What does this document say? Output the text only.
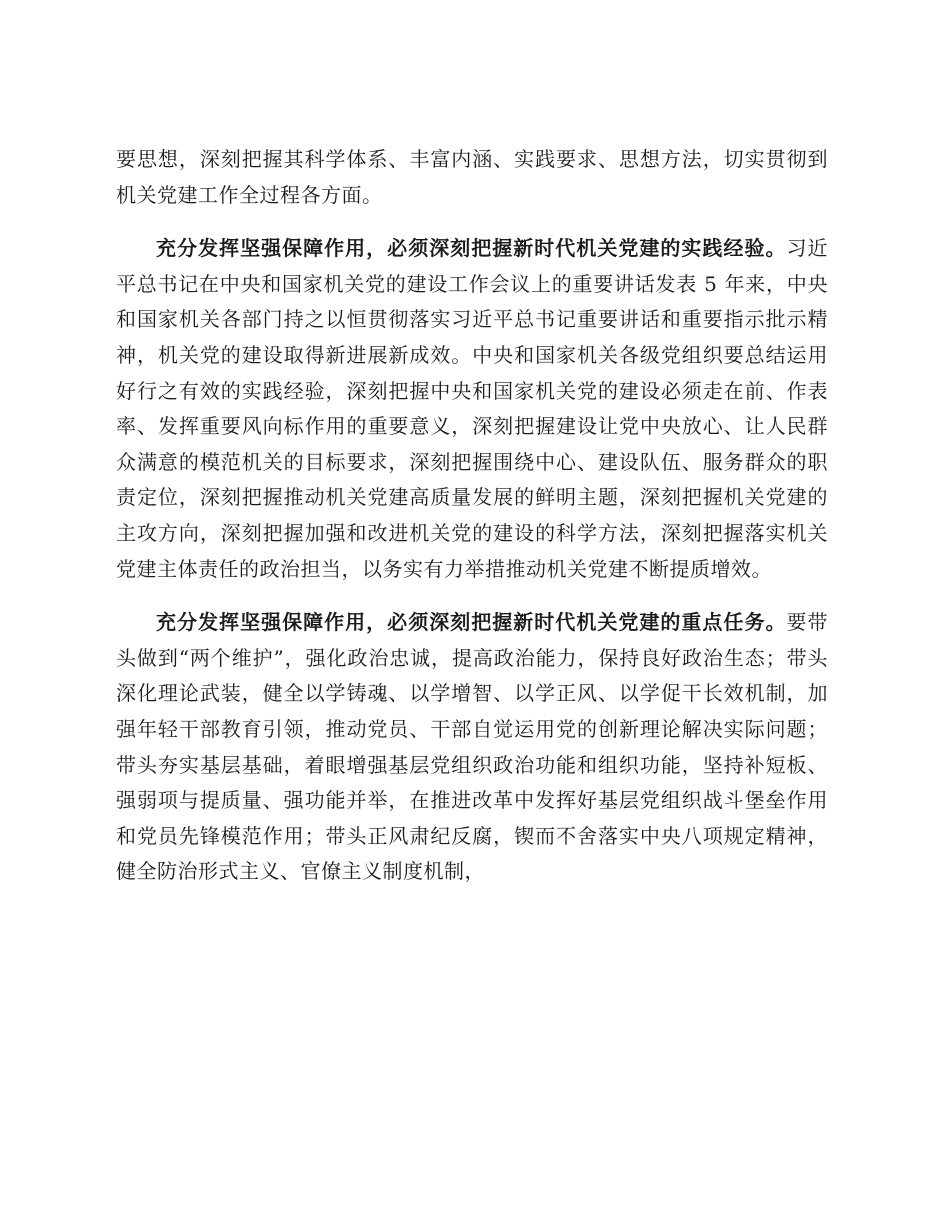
要思想，深刻把握其科学体系、丰富内涵、实践要求、思想方法，切实贯彻到机关党建工作全过程各方面。

充分发挥坚强保障作用，必须深刻把握新时代机关党建的实践经验。习近平总书记在中央和国家机关党的建设工作会议上的重要讲话发表 5 年来，中央和国家机关各部门持之以恒贯彻落实习近平总书记重要讲话和重要指示批示精神，机关党的建设取得新进展新成效。中央和国家机关各级党组织要总结运用好行之有效的实践经验，深刻把握中央和国家机关党的建设必须走在前、作表率、发挥重要风向标作用的重要意义，深刻把握建设让党中央放心、让人民群众满意的模范机关的目标要求，深刻把握围绕中心、建设队伍、服务群众的职责定位，深刻把握推动机关党建高质量发展的鲜明主题，深刻把握机关党建的主攻方向，深刻把握加强和改进机关党的建设的科学方法，深刻把握落实机关党建主体责任的政治担当，以务实有力举措推动机关党建不断提质增效。

充分发挥坚强保障作用，必须深刻把握新时代机关党建的重点任务。要带头做到“两个维护”，强化政治忠诚，提高政治能力，保持良好政治生态；带头深化理论武装，健全以学铸魂、以学增智、以学正风、以学促干长效机制，加强年轻干部教育引领，推动党员、干部自觉运用党的创新理论解决实际问题；带头夯实基层基础，着眼增强基层党组织政治功能和组织功能，坚持补短板、强弱项与提质量、强功能并举，在推进改革中发挥好基层党组织战斗堡垒作用和党员先锋模范作用；带头正风肃纪反腐，锲而不舍落实中央八项规定精神，健全防治形式主义、官僚主义制度机制，
